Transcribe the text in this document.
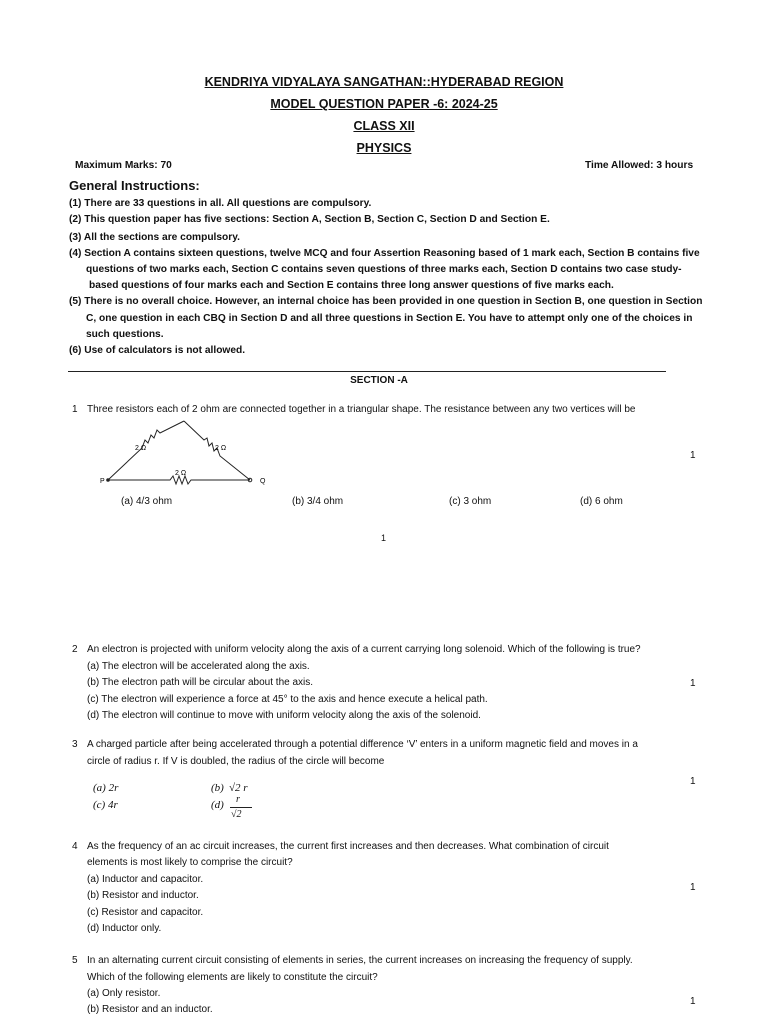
KENDRIYA VIDYALAYA SANGATHAN::HYDERABAD REGION
MODEL QUESTION PAPER -6: 2024-25
CLASS XII
PHYSICS
Maximum Marks: 70	Time Allowed: 3 hours
General Instructions:
(1) There are 33 questions in all. All questions are compulsory.
(2) This question paper has five sections: Section A, Section B, Section C, Section D and Section E.
(3) All the sections are compulsory.
(4) Section A contains sixteen questions, twelve MCQ and four Assertion Reasoning based of 1 mark each, Section B contains five
questions of two marks each, Section C contains seven questions of three marks each, Section D contains two case study-
based questions of four marks each and Section E contains three long answer questions of five marks each.
(5) There is no overall choice. However, an internal choice has been provided in one question in Section B, one question in Section
C, one question in each CBQ in Section D and all three questions in Section E. You have to attempt only one of the choices in
such questions.
(6) Use of calculators is not allowed.
SECTION -A
1 Three resistors each of 2 ohm are connected together in a triangular shape. The resistance between any two vertices will be
2 Ω	2 Ω
2 Ω
P	Q
1
(a) 4/3 ohm	(b) 3/4 ohm	(c) 3 ohm	(d) 6 ohm
1
2 An electron is projected with uniform velocity along the axis of a current carrying long solenoid. Which of the following is true?
(a) The electron will be accelerated along the axis.
(b) The electron path will be circular about the axis.
(c) The electron will experience a force at 45° to the axis and hence execute a helical path.
(d) The electron will continue to move with uniform velocity along the axis of the solenoid.
1
3 A charged particle after being accelerated through a potential difference ‘V’ enters in a uniform magnetic field and moves in a
circle of radius r. If V is doubled, the radius of the circle will become
(a) 2r	(b) √2 r
(c) 4r	(d) r
√2
1
4 As the frequency of an ac circuit increases, the current first increases and then decreases. What combination of circuit
elements is most likely to comprise the circuit?
(a) Inductor and capacitor.
(b) Resistor and inductor.
(c) Resistor and capacitor.
(d) Inductor only.
1
5 In an alternating current circuit consisting of elements in series, the current increases on increasing the frequency of supply.
Which of the following elements are likely to constitute the circuit?
(a) Only resistor.
(b) Resistor and an inductor.
1
